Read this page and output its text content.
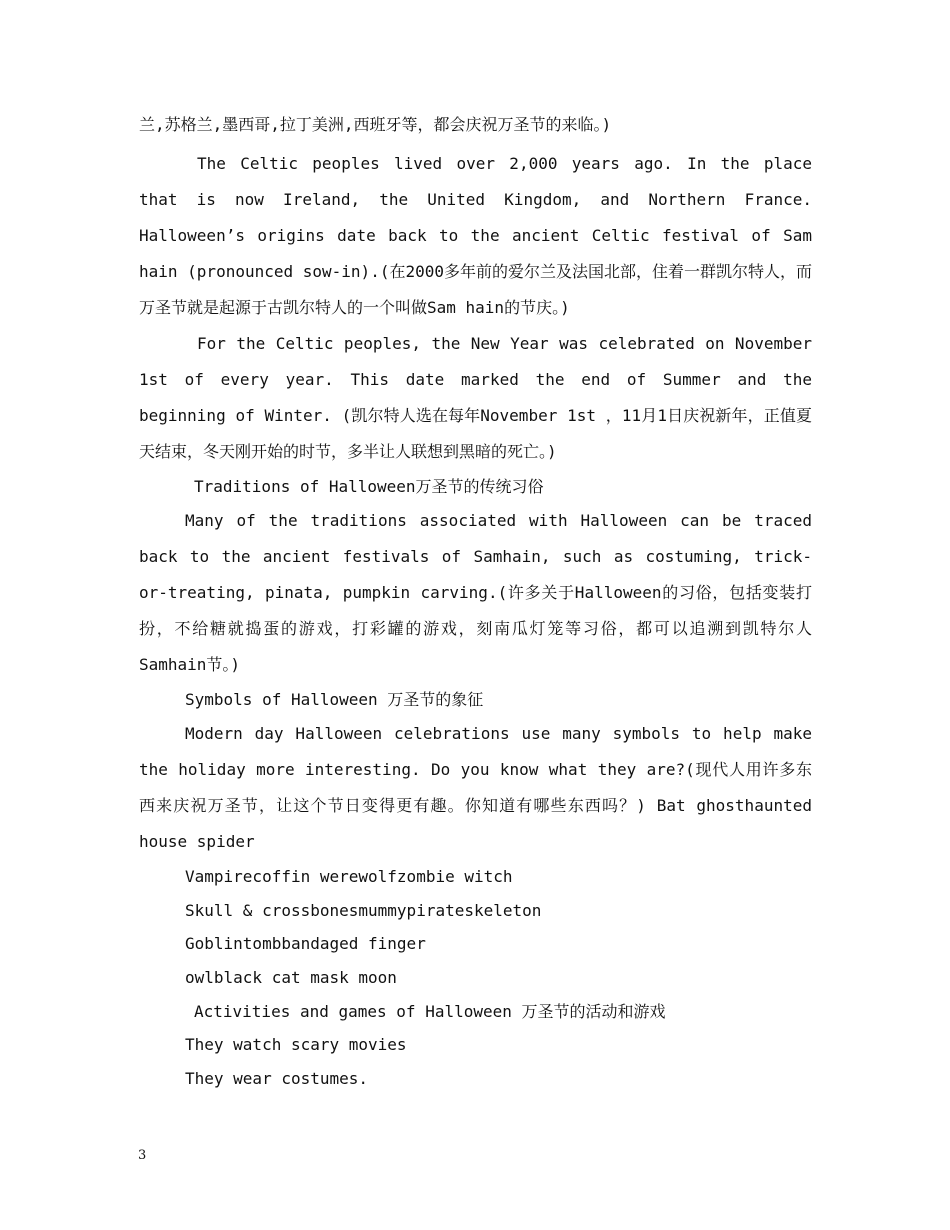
兰,苏格兰,墨西哥,拉丁美洲,西班牙等，都会庆祝万圣节的来临。)

The Celtic peoples lived over 2,000 years ago. In the place that is now Ireland, the United Kingdom, and Northern France. Halloween’s origins date back to the ancient Celtic festival of Sam hain (pronounced sow-in).(在2000多年前的爱尔兰及法国北部，住着一群凯尔特人，而万圣节就是起源于古凯尔特人的一个叫做Sam hain的节庆。)

For the Celtic peoples, the New Year was celebrated on November 1st of every year. This date marked the end of Summer and the beginning of Winter. (凯尔特人选在每年November 1st ，11月1日庆祝新年，正值夏天结束，冬天刚开始的时节，多半让人联想到黑暗的死亡。)

Traditions of Halloween万圣节的传统习俗

Many of the traditions associated with Halloween can be traced back to the ancient festivals of Samhain, such as costuming, trick-or-treating, pinata, pumpkin carving.(许多关于Halloween的习俗，包括变装打扮，不给糖就捣蛋的游戏，打彩罐的游戏，刻南瓜灯笼等习俗，都可以追溯到凯特尔人Samhain节。)

Symbols of Halloween 万圣节的象征

Modern day Halloween celebrations use many symbols to help make the holiday more interesting. Do you know what they are?(现代人用许多东西来庆祝万圣节，让这个节日变得更有趣。你知道有哪些东西吗？) Bat ghosthaunted house spider

Vampirecoffin werewolfzombie witch
Skull & crossbonesmummypirateskeleton
Goblintombbandaged finger
owlblack cat mask moon
Activities and games of Halloween 万圣节的活动和游戏
They watch scary movies
They wear costumes.
3
